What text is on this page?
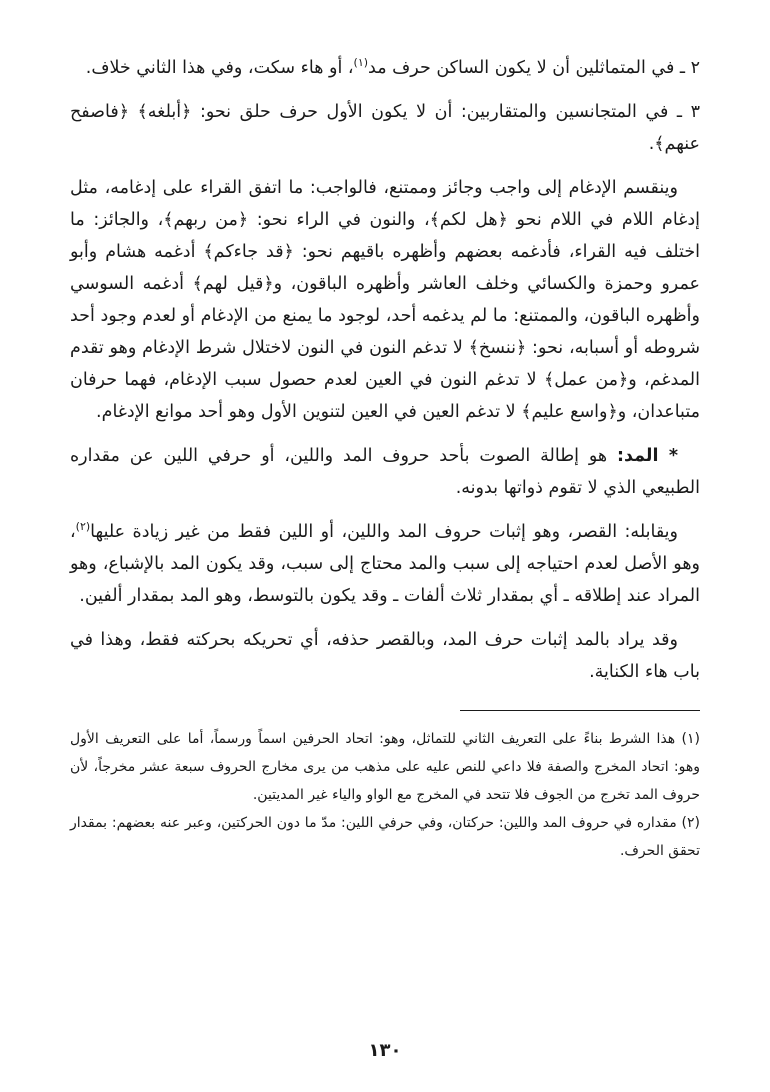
٢ ـ في المتماثلين أن لا يكون الساكن حرف مد$^{(١)}$، أو هاء سكت، وفي هذا الثاني خلاف.

٣ ـ في المتجانسين والمتقاربين: أن لا يكون الأول حرف حلق نحو: ﴿أبلغه﴾ ﴿فاصفح عنهم﴾.

وينقسم الإدغام إلى واجب وجائز وممتنع، فالواجب: ما اتفق القراء على إدغامه، مثل إدغام اللام في اللام نحو ﴿هل لكم﴾، والنون في الراء نحو: ﴿من ربهم﴾، والجائز: ما اختلف فيه القراء، فأدغمه بعضهم وأظهره باقيهم نحو: ﴿قد جاءكم﴾ أدغمه هشام وأبو عمرو وحمزة والكسائي وخلف العاشر وأظهره الباقون، و﴿قيل لهم﴾ أدغمه السوسي وأظهره الباقون، والممتنع: ما لم يدغمه أحد، لوجود ما يمنع من الإدغام أو لعدم وجود أحد شروطه أو أسبابه، نحو: ﴿ننسخ﴾ لا تدغم النون في النون لاختلال شرط الإدغام وهو تقدم المدغم، و﴿من عمل﴾ لا تدغم النون في العين لعدم حصول سبب الإدغام، فهما حرفان متباعدان، و﴿واسع عليم﴾ لا تدغم العين في العين لتنوين الأول وهو أحد موانع الإدغام.

* المد: هو إطالة الصوت بأحد حروف المد واللين، أو حرفي اللين عن مقداره الطبيعي الذي لا تقوم ذواتها بدونه.

ويقابله: القصر، وهو إثبات حروف المد واللين، أو اللين فقط من غير زيادة عليها$^{(٢)}$، وهو الأصل لعدم احتياجه إلى سبب والمد محتاج إلى سبب، وقد يكون المد بالإشباع، وهو المراد عند إطلاقه ـ أي بمقدار ثلاث ألفات ـ وقد يكون بالتوسط، وهو المد بمقدار ألفين.

وقد يراد بالمد إثبات حرف المد، وبالقصر حذفه، أي تحريكه بحركته فقط، وهذا في باب هاء الكناية.

(١) هذا الشرط بناءً على التعريف الثاني للتماثل، وهو: اتحاد الحرفين اسماً ورسماً، أما على التعريف الأول وهو: اتحاد المخرج والصفة فلا داعي للنص عليه على مذهب من يرى مخارج الحروف سبعة عشر مخرجاً، لأن حروف المد تخرج من الجوف فلا تتحد في المخرج مع الواو والياء غير المديتين.

(٢) مقداره في حروف المد واللين: حركتان، وفي حرفي اللين: مدّ ما دون الحركتين، وعبر عنه بعضهم: بمقدار تحقق الحرف.

١٣٠
